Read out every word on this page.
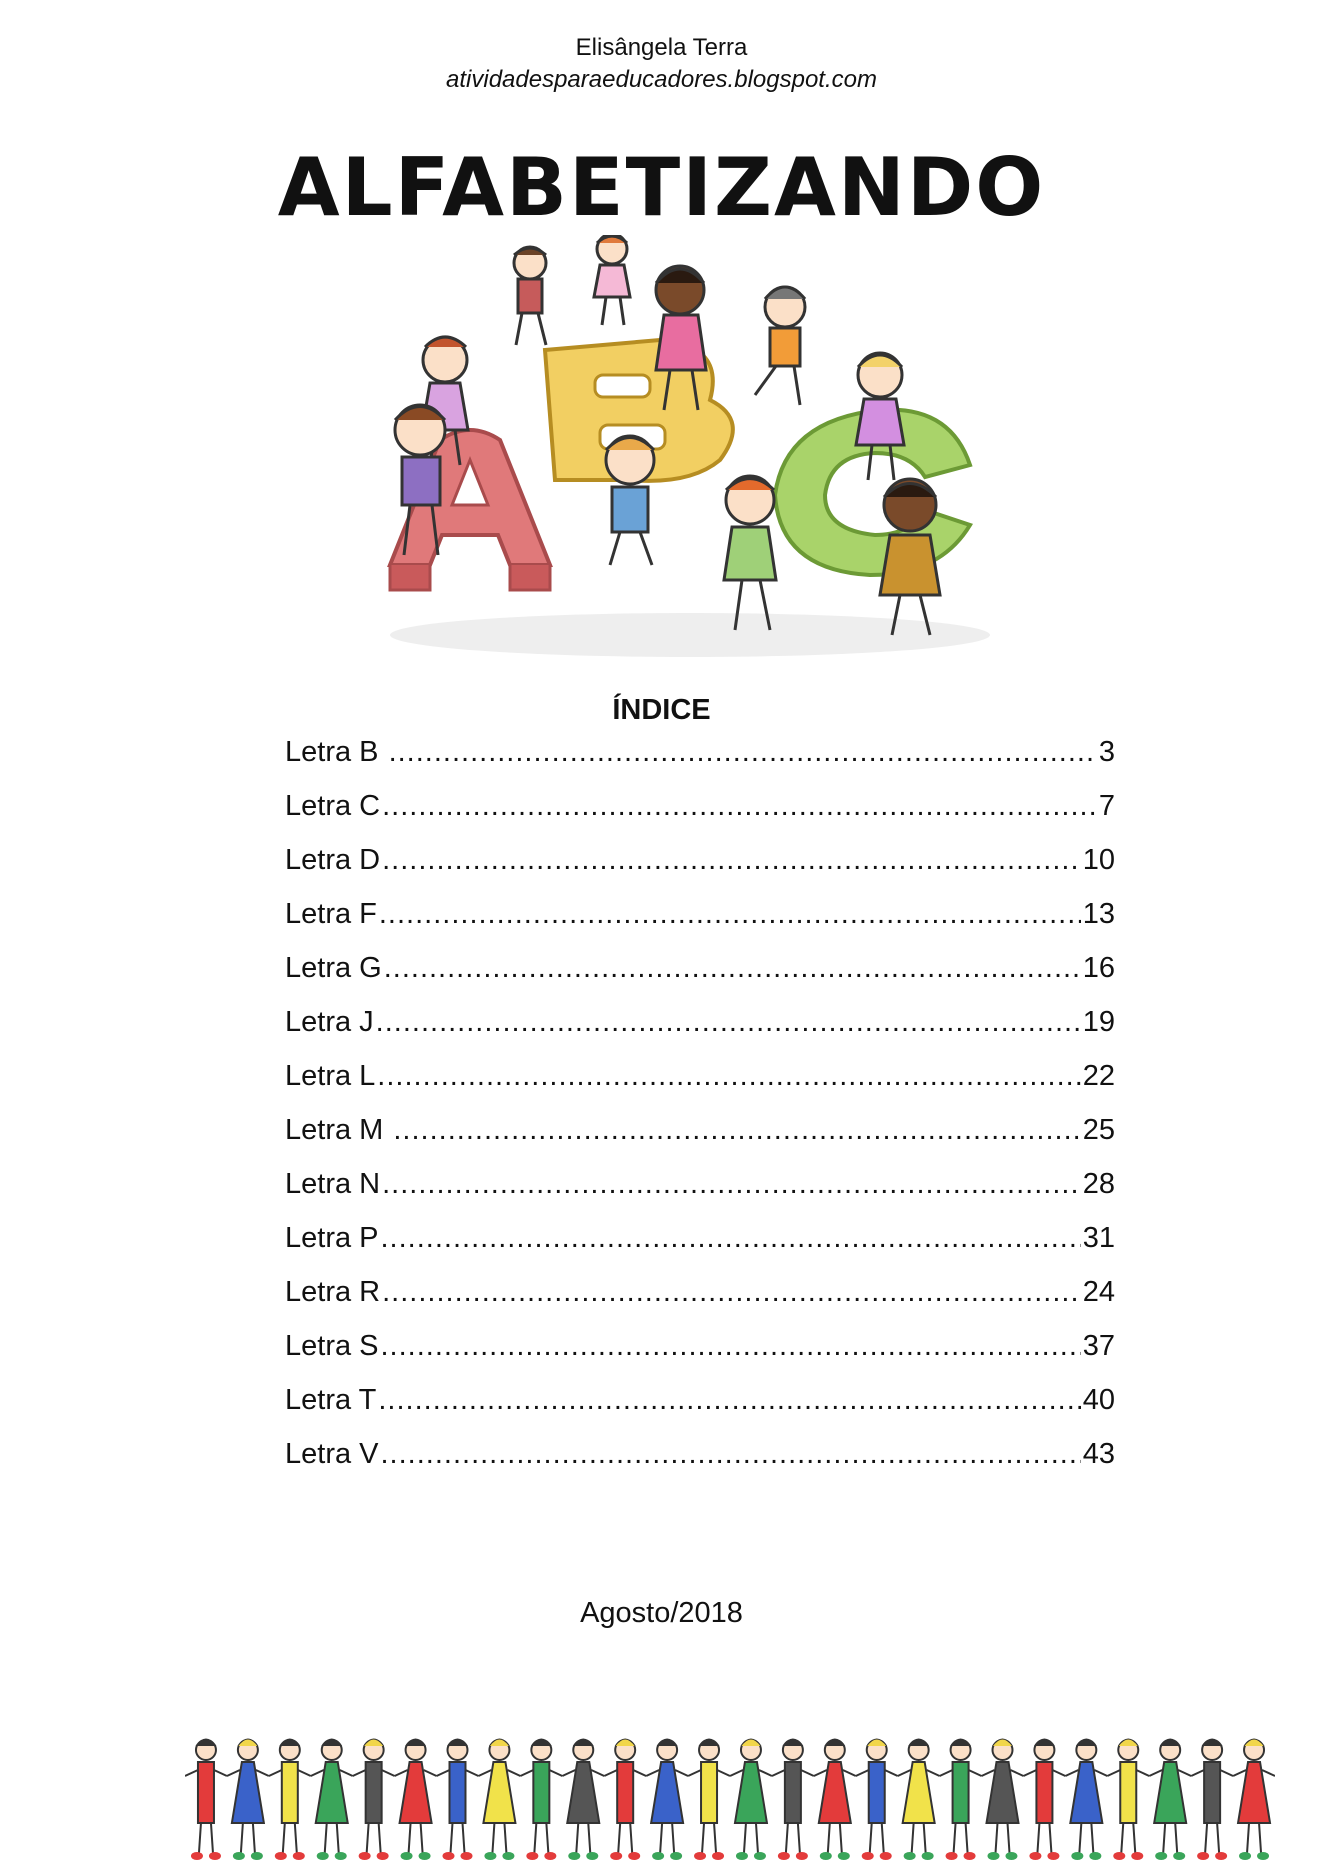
Elisângela Terra
atividadesparaeducadores.blogspot.com
ALFABETIZANDO
ÍNDICE
Letra B .....	3
Letra C .....	7
Letra D .....	10
Letra F .....	13
Letra G .....	16
Letra J .....	19
Letra L .....	22
Letra M .....	25
Letra N .....	28
Letra P .....	31
Letra R .....	24
Letra S .....	37
Letra T .....	40
Letra V .....	43
Agosto/2018
